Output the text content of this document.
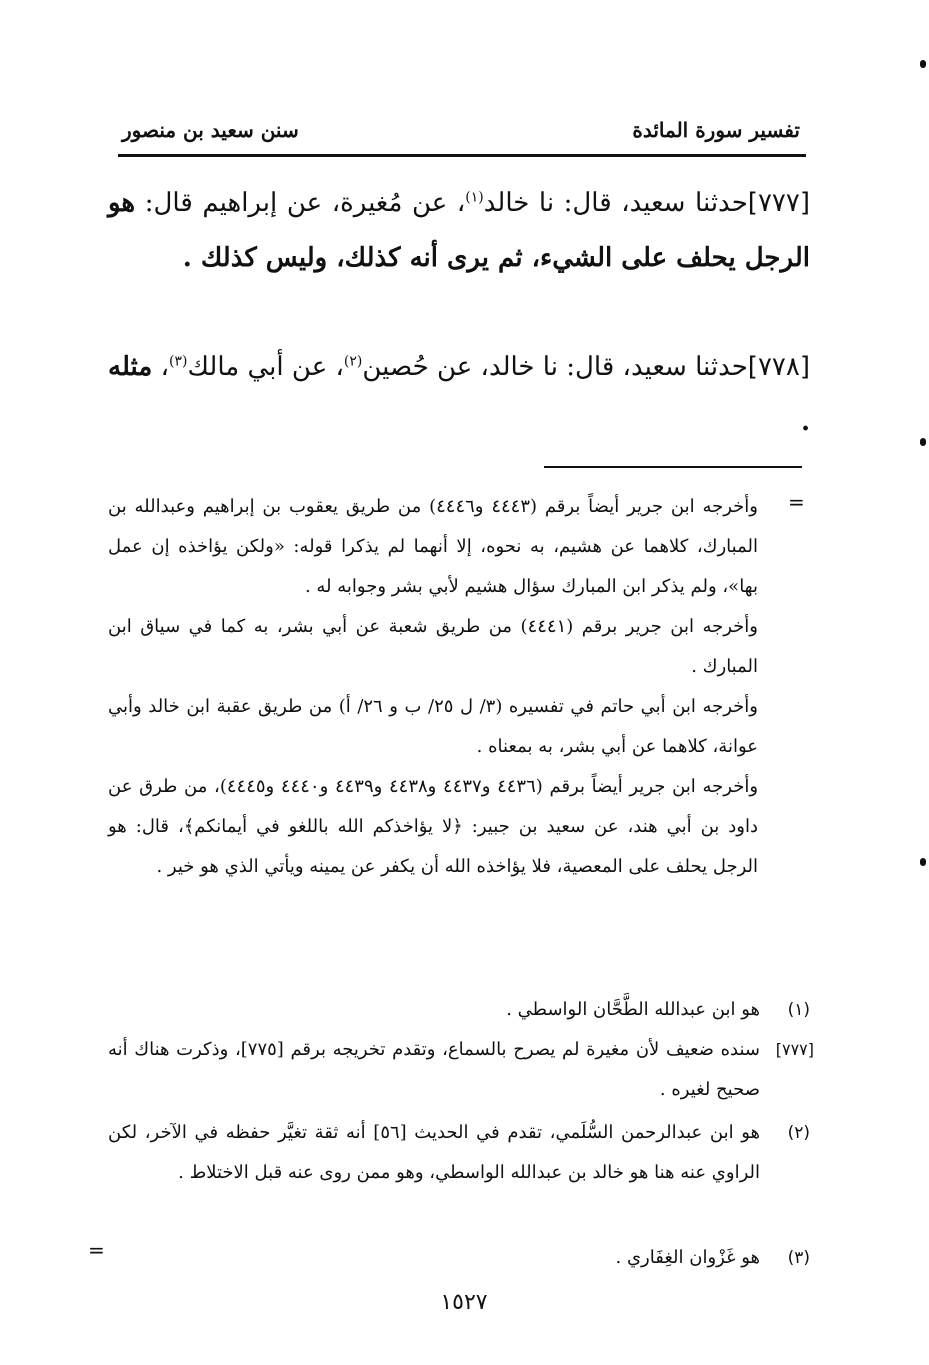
تفسير سورة المائدة
سنن سعيد بن منصور
[٧٧٧]حدثنا سعيد، قال: نا خالد$^{(١)}$، عن مُغيرة، عن إبراهيم قال: هو الرجل يحلف على الشيء، ثم يرى أنه كذلك، وليس كذلك .
[٧٧٨]حدثنا سعيد، قال: نا خالد، عن حُصين$^{(٢)}$، عن أبي مالك$^{(٣)}$، مثله .
=

وأخرجه ابن جرير أيضاً برقم (٤٤٤٣ و٤٤٤٦) من طريق يعقوب بن إبراهيم وعبدالله بن المبارك، كلاهما عن هشيم، به نحوه، إلا أنهما لم يذكرا قوله: «ولكن يؤاخذه إن عمل بها»، ولم يذكر ابن المبارك سؤال هشيم لأبي بشر وجوابه له .

وأخرجه ابن جرير برقم (٤٤٤١) من طريق شعبة عن أبي بشر، به كما في سياق ابن المبارك .

وأخرجه ابن أبي حاتم في تفسيره (٣/ ل ٢٥/ ب و ٢٦/ أ) من طريق عقبة ابن خالد وأبي عوانة، كلاهما عن أبي بشر، به بمعناه .

وأخرجه ابن جرير أيضاً برقم (٤٤٣٦ و٤٤٣٧ و٤٤٣٨ و٤٤٣٩ و٤٤٤٠ و٤٤٤٥)، من طرق عن داود بن أبي هند، عن سعيد بن جبير: ﴿لا يؤاخذكم الله باللغو في أيمانكم﴾، قال: هو الرجل يحلف على المعصية، فلا يؤاخذه الله أن يكفر عن يمينه ويأتي الذي هو خير .

(١)
هو ابن عبدالله الطَّحَّان الواسطي .
[٧٧٧]
سنده ضعيف لأن مغيرة لم يصرح بالسماع، وتقدم تخريجه برقم [٧٧٥]، وذكرت هناك أنه صحيح لغيره .
(٢)
هو ابن عبدالرحمن السُّلَمي، تقدم في الحديث [٥٦] أنه ثقة تغيَّر حفظه في الآخر، لكن الراوي عنه هنا هو خالد بن عبدالله الواسطي، وهو ممن روى عنه قبل الاختلاط .
(٣)
هو غَزْوان الغِفَاري .
=
١٥٢٧
